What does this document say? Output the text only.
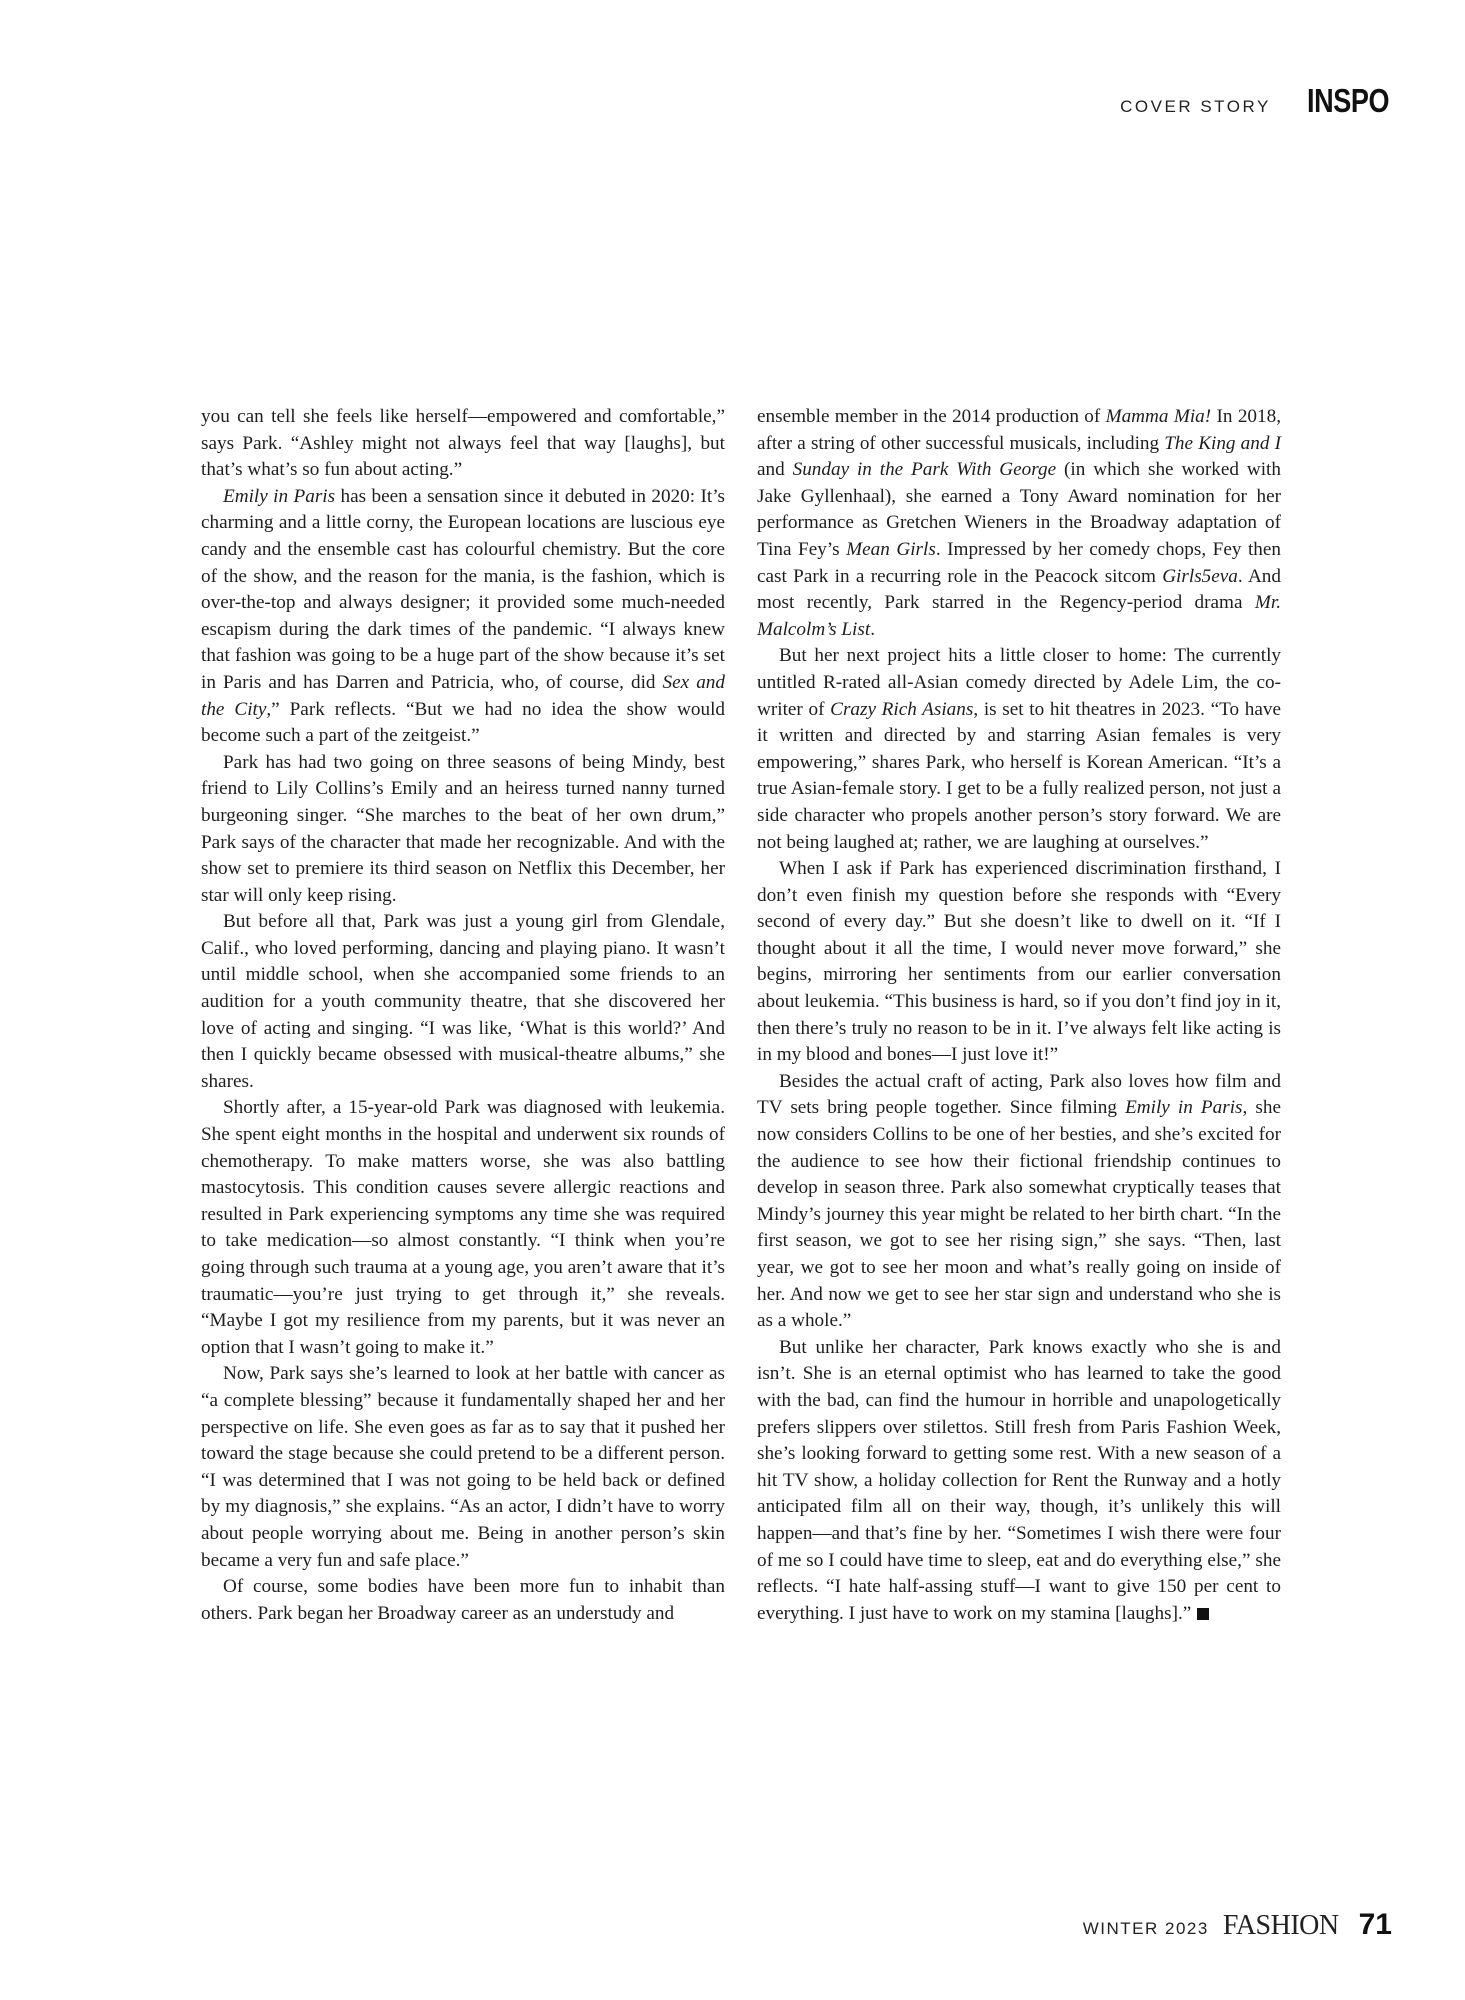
COVER STORY INSPO

you can tell she feels like herself—empowered and comfortable,” says Park. “Ashley might not always feel that way [laughs], but that’s what’s so fun about acting.”

Emily in Paris has been a sensation since it debuted in 2020: It’s charming and a little corny, the European locations are luscious eye candy and the ensemble cast has colourful chemistry. But the core of the show, and the reason for the mania, is the fashion, which is over-the-top and always designer; it provided some much-needed escapism during the dark times of the pandemic. “I always knew that fashion was going to be a huge part of the show because it’s set in Paris and has Darren and Patricia, who, of course, did Sex and the City,” Park reflects. “But we had no idea the show would become such a part of the zeitgeist.”

Park has had two going on three seasons of being Mindy, best friend to Lily Collins’s Emily and an heiress turned nanny turned burgeoning singer. “She marches to the beat of her own drum,” Park says of the character that made her recognizable. And with the show set to premiere its third season on Netflix this December, her star will only keep rising.

But before all that, Park was just a young girl from Glendale, Calif., who loved performing, dancing and playing piano. It wasn’t until middle school, when she accompanied some friends to an audition for a youth community theatre, that she discovered her love of acting and singing. “I was like, ‘What is this world?’ And then I quickly became obsessed with musical-theatre albums,” she shares.

Shortly after, a 15-year-old Park was diagnosed with leukemia. She spent eight months in the hospital and underwent six rounds of chemotherapy. To make matters worse, she was also battling mastocytosis. This condition causes severe allergic reactions and resulted in Park experiencing symptoms any time she was required to take medication—so almost constantly. “I think when you’re going through such trauma at a young age, you aren’t aware that it’s traumatic—you’re just trying to get through it,” she reveals. “Maybe I got my resilience from my parents, but it was never an option that I wasn’t going to make it.”

Now, Park says she’s learned to look at her battle with cancer as “a complete blessing” because it fundamentally shaped her and her perspective on life. She even goes as far as to say that it pushed her toward the stage because she could pretend to be a different person. “I was determined that I was not going to be held back or defined by my diagnosis,” she explains. “As an actor, I didn’t have to worry about people worrying about me. Being in another person’s skin became a very fun and safe place.”

Of course, some bodies have been more fun to inhabit than others. Park began her Broadway career as an understudy and

ensemble member in the 2014 production of Mamma Mia! In 2018, after a string of other successful musicals, including The King and I and Sunday in the Park With George (in which she worked with Jake Gyllenhaal), she earned a Tony Award nomination for her performance as Gretchen Wieners in the Broadway adaptation of Tina Fey’s Mean Girls. Impressed by her comedy chops, Fey then cast Park in a recurring role in the Peacock sitcom Girls5eva. And most recently, Park starred in the Regency-period drama Mr. Malcolm’s List.

But her next project hits a little closer to home: The currently untitled R-rated all-Asian comedy directed by Adele Lim, the co-writer of Crazy Rich Asians, is set to hit theatres in 2023. “To have it written and directed by and starring Asian females is very empowering,” shares Park, who herself is Korean American. “It’s a true Asian-female story. I get to be a fully realized person, not just a side character who propels another person’s story forward. We are not being laughed at; rather, we are laughing at ourselves.”

When I ask if Park has experienced discrimination firsthand, I don’t even finish my question before she responds with “Every second of every day.” But she doesn’t like to dwell on it. “If I thought about it all the time, I would never move forward,” she begins, mirroring her sentiments from our earlier conversation about leukemia. “This business is hard, so if you don’t find joy in it, then there’s truly no reason to be in it. I’ve always felt like acting is in my blood and bones—I just love it!”

Besides the actual craft of acting, Park also loves how film and TV sets bring people together. Since filming Emily in Paris, she now considers Collins to be one of her besties, and she’s excited for the audience to see how their fictional friendship continues to develop in season three. Park also somewhat cryptically teases that Mindy’s journey this year might be related to her birth chart. “In the first season, we got to see her rising sign,” she says. “Then, last year, we got to see her moon and what’s really going on inside of her. And now we get to see her star sign and understand who she is as a whole.”

But unlike her character, Park knows exactly who she is and isn’t. She is an eternal optimist who has learned to take the good with the bad, can find the humour in horrible and unapologetically prefers slippers over stilettos. Still fresh from Paris Fashion Week, she’s looking forward to getting some rest. With a new season of a hit TV show, a holiday collection for Rent the Runway and a hotly anticipated film all on their way, though, it’s unlikely this will happen—and that’s fine by her. “Sometimes I wish there were four of me so I could have time to sleep, eat and do everything else,” she reflects. “I hate half-assing stuff—I want to give 150 per cent to everything. I just have to work on my stamina [laughs].”

WINTER 2023 FASHION 71
